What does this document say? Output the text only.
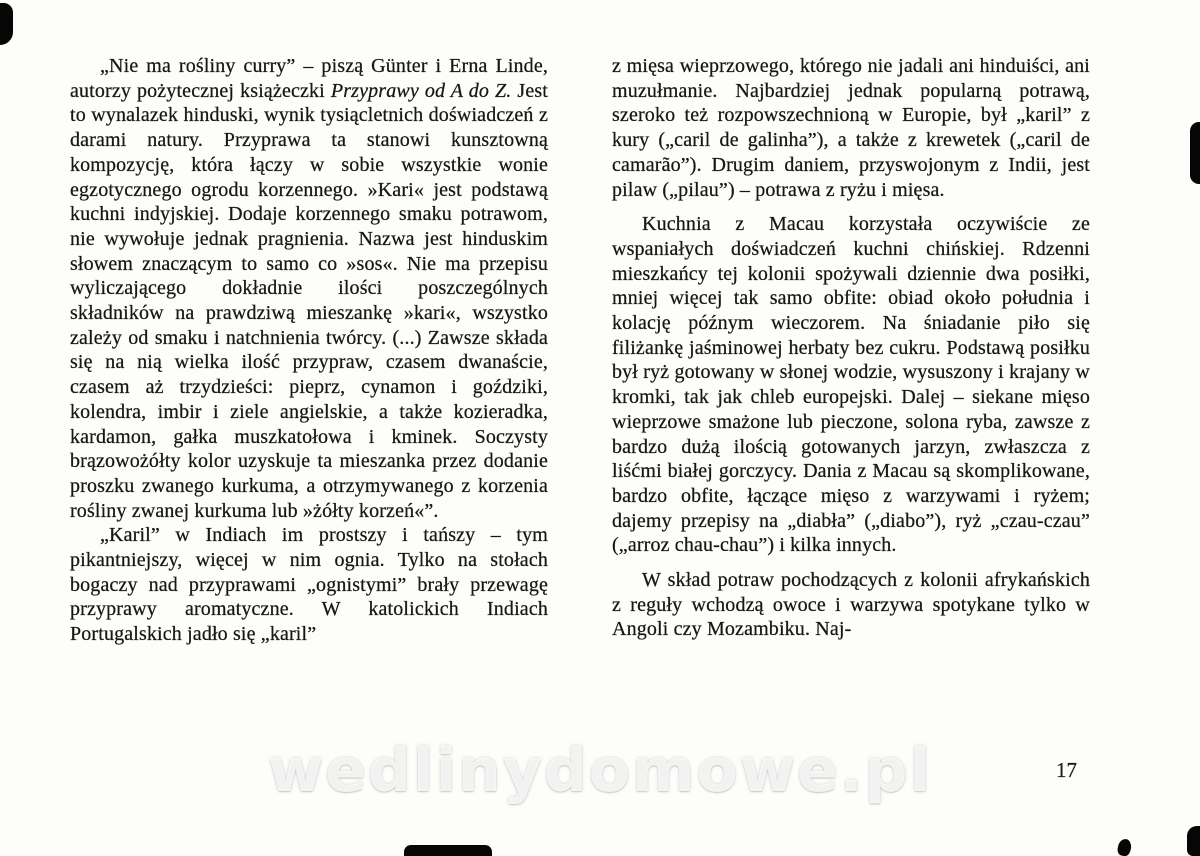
„Nie ma rośliny curry” – piszą Günter i Erna Linde, autorzy pożytecznej książeczki Przyprawy od A do Z. Jest to wynalazek hinduski, wynik tysiącletnich doświadczeń z darami natury. Przyprawa ta stanowi kunsztowną kompozycję, która łączy w sobie wszystkie wonie egzotycznego ogrodu korzennego. »Kari« jest podstawą kuchni indyjskiej. Dodaje korzennego smaku potrawom, nie wywołuje jednak pragnienia. Nazwa jest hinduskim słowem znaczącym to samo co »sos«. Nie ma przepisu wyliczającego dokładnie ilości poszczególnych składników na prawdziwą mieszankę »kari«, wszystko zależy od smaku i natchnienia twórcy. (...) Zawsze składa się na nią wielka ilość przypraw, czasem dwanaście, czasem aż trzydzieści: pieprz, cynamon i goździki, kolendra, imbir i ziele angielskie, a także kozieradka, kardamon, gałka muszkatołowa i kminek. Soczysty brązowożółty kolor uzyskuje ta mieszanka przez dodanie proszku zwanego kurkuma, a otrzymywanego z korzenia rośliny zwanej kurkuma lub »żółty korzeń«”.

„Karil” w Indiach im prostszy i tańszy – tym pikantniejszy, więcej w nim ognia. Tylko na stołach bogaczy nad przyprawami „ognistymi” brały przewagę przyprawy aromatyczne. W katolickich Indiach Portugalskich jadło się „karil”

z mięsa wieprzowego, którego nie jadali ani hinduiści, ani muzułmanie. Najbardziej jednak popularną potrawą, szeroko też rozpowszechnioną w Europie, był „karil” z kury („caril de galinha”), a także z krewetek („caril de camarão”). Drugim daniem, przyswojonym z Indii, jest pilaw („pilau”) – potrawa z ryżu i mięsa.

Kuchnia z Macau korzystała oczywiście ze wspaniałych doświadczeń kuchni chińskiej. Rdzenni mieszkańcy tej kolonii spożywali dziennie dwa posiłki, mniej więcej tak samo obfite: obiad około południa i kolację późnym wieczorem. Na śniadanie piło się filiżankę jaśminowej herbaty bez cukru. Podstawą posiłku był ryż gotowany w słonej wodzie, wysuszony i krajany w kromki, tak jak chleb europejski. Dalej – siekane mięso wieprzowe smażone lub pieczone, solona ryba, zawsze z bardzo dużą ilością gotowanych jarzyn, zwłaszcza z liśćmi białej gorczycy. Dania z Macau są skomplikowane, bardzo obfite, łączące mięso z warzywami i ryżem; dajemy przepisy na „diabła” („diabo”), ryż „czau-czau” („arroz chau-chau”) i kilka innych.

W skład potraw pochodzących z kolonii afrykańskich z reguły wchodzą owoce i warzywa spotykane tylko w Angoli czy Mozambiku. Naj-

17
wedlinydomowe.pl
